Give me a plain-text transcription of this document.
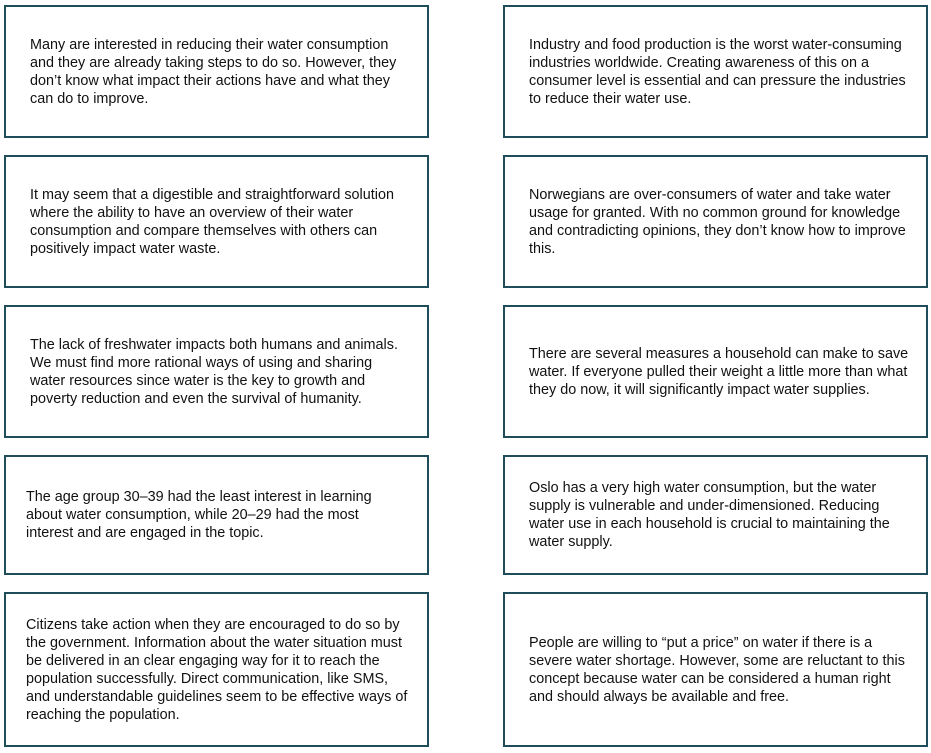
Many are interested in reducing their water consumption and they are already taking steps to do so. However, they don’t know what impact their actions have and what they can do to improve.

Industry and food production is the worst water-consuming industries worldwide. Creating awareness of this on a consumer level is essential and can pressure the industries to reduce their water use.

It may seem that a digestible and straightforward solution where the ability to have an overview of their water consumption and compare themselves with others can positively impact water waste.

Norwegians are over-consumers of water and take water usage for granted. With no common ground for knowledge and contradicting opinions, they don’t know how to improve this.

The lack of freshwater impacts both humans and animals. We must find more rational ways of using and sharing water resources since water is the key to growth and poverty reduction and even the survival of humanity.

There are several measures a household can make to save water. If everyone pulled their weight a little more than what they do now, it will significantly impact water supplies.

The age group 30–39 had the least interest in learning about water consumption, while 20–29 had the most interest and are engaged in the topic.

Oslo has a very high water consumption, but the water supply is vulnerable and under-dimensioned. Reducing water use in each household is crucial to maintaining the water supply.

Citizens take action when they are encouraged to do so by the government. Information about the water situation must be delivered in an clear engaging way for it to reach the population successfully. Direct communication, like SMS, and understandable guidelines seem to be effective ways of reaching the population.

People are willing to “put a price” on water if there is a severe water shortage. However, some are reluctant to this concept because water can be considered a human right and should always be available and free.
